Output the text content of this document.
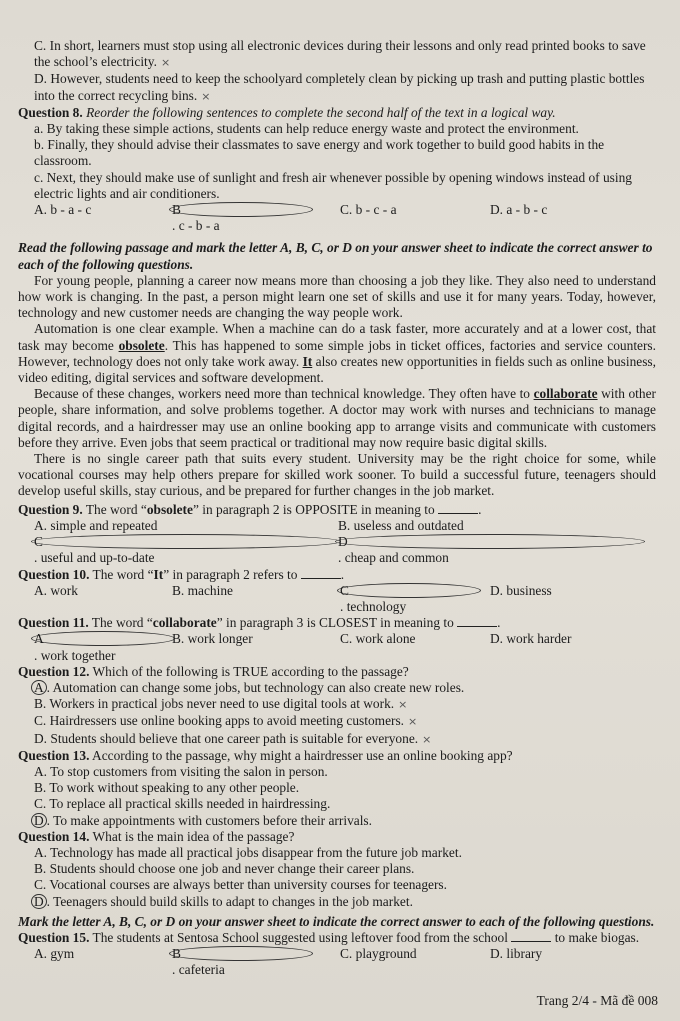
C. In short, learners must stop using all electronic devices during their lessons and only read printed books to save the school’s electricity. ×

D. However, students need to keep the schoolyard completely clean by picking up trash and putting plastic bottles into the correct recycling bins. ×

Question 8. Reorder the following sentences to complete the second half of the text in a logical way.

a. By taking these simple actions, students can help reduce energy waste and protect the environment.

b. Finally, they should advise their classmates to save energy and work together to build good habits in the classroom.

c. Next, they should make use of sunlight and fresh air whenever possible by opening windows instead of using electric lights and air conditioners.

A. b - a - c	B. c - b - a
C. b - c - a	D. a - b - c

Read the following passage and mark the letter A, B, C, or D on your answer sheet to indicate the correct answer to each of the following questions.

For young people, planning a career now means more than choosing a job they like. They also need to understand how work is changing. In the past, a person might learn one set of skills and use it for many years. Today, however, technology and new customer needs are changing the way people work.

Automation is one clear example. When a machine can do a task faster, more accurately and at a lower cost, that task may become obsolete. This has happened to some simple jobs in ticket offices, factories and service counters. However, technology does not only take work away. It also creates new opportunities in fields such as online business, video editing, digital services and software development.

Because of these changes, workers need more than technical knowledge. They often have to collaborate with other people, share information, and solve problems together. A doctor may work with nurses and technicians to manage digital records, and a hairdresser may use an online booking app to arrange visits and communicate with customers before they arrive. Even jobs that seem practical or traditional may now require basic digital skills.

There is no single career path that suits every student. University may be the right choice for some, while vocational courses may help others prepare for skilled work sooner. To build a successful future, teenagers should develop useful skills, stay curious, and be prepared for further changes in the job market.

Question 9. The word “obsolete” in paragraph 2 is OPPOSITE in meaning to	.

A. simple and repeated	B. useless and outdated
C. useful and up-to-date
D. cheap and common

Question 10. The word “It” in paragraph 2 refers to	.

A. work	B. machine	C. technology
D. business

Question 11. The word “collaborate” in paragraph 3 is CLOSEST in meaning to	.

A. work together
B. work longer	C. work alone	D. work harder

Question 12. Which of the following is TRUE according to the passage?

A . Automation can change some jobs, but technology can also create new roles.

B. Workers in practical jobs never need to use digital tools at work. ×

C. Hairdressers use online booking apps to avoid meeting customers. ×

D. Students should believe that one career path is suitable for everyone. ×

Question 13. According to the passage, why might a hairdresser use an online booking app?

A. To stop customers from visiting the salon in person.

B. To work without speaking to any other people.

C. To replace all practical skills needed in hairdressing.

D . To make appointments with customers before their arrivals.

Question 14. What is the main idea of the passage?

A. Technology has made all practical jobs disappear from the future job market.

B. Students should choose one job and never change their career plans.

C. Vocational courses are always better than university courses for teenagers.

D . Teenagers should build skills to adapt to changes in the job market.

Mark the letter A, B, C, or D on your answer sheet to indicate the correct answer to each of the following questions.

Question 15. The students at Sentosa School suggested using leftover food from the school	to make biogas.

A. gym	B. cafeteria
C. playground	D. library
Trang 2/4 - Mã đề 008
